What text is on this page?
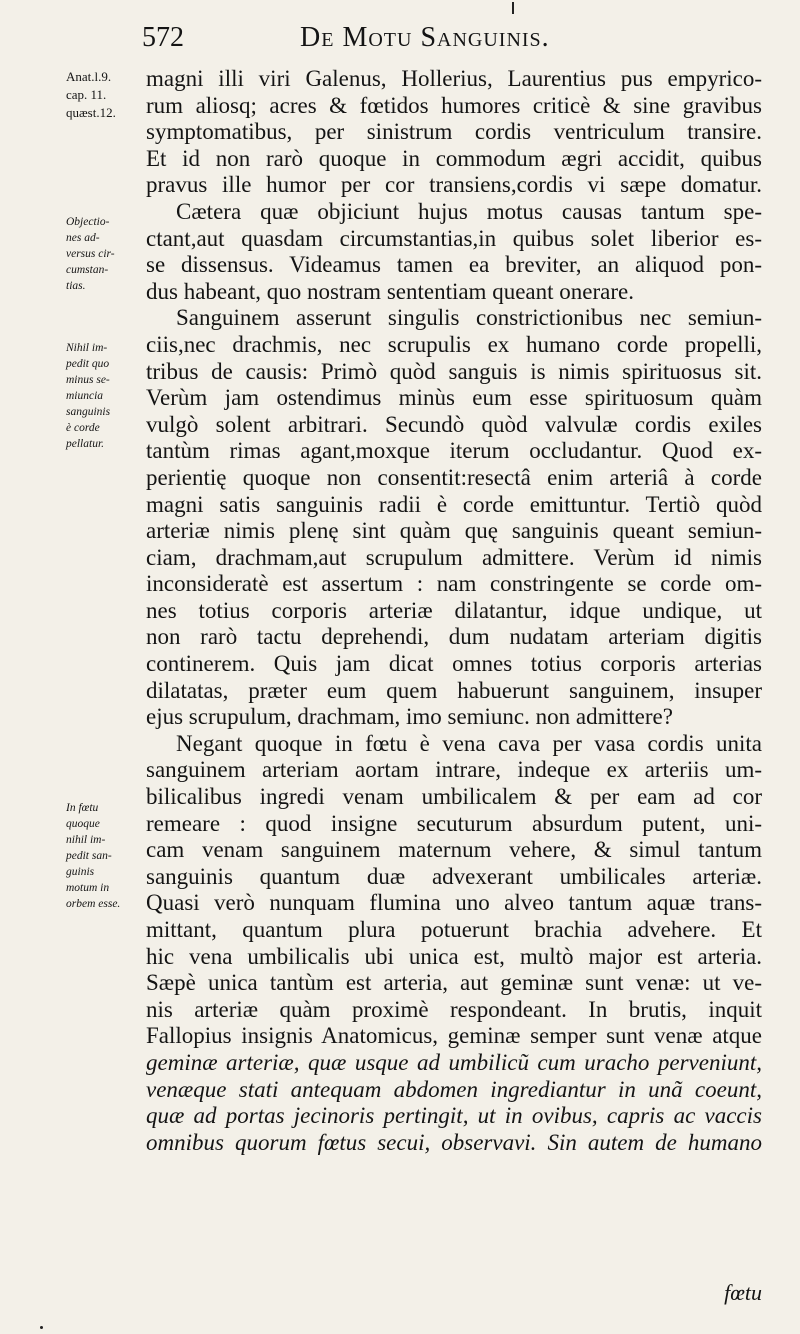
572	De Motu Sanguinis.
Anat.l.9.
cap. 11.
quæst.12.
Objectio-
nes ad-
versus cir-
cumstan-
tias.
Nihil im-
pedit quo
minus se-
miuncia
sanguinis
è corde
pellatur.
In fœtu
quoque
nihil im-
pedit san-
guinis
motum in
orbem esse.
magni illi viri Galenus, Hollerius, Laurentius pus empyrico-
rum aliosq; acres & fœtidos humores criticè & sine gravibus
symptomatibus, per sinistrum cordis ventriculum transire.
Et id non rarò quoque in commodum ægri accidit, quibus
pravus ille humor per cor transiens,cordis vi sæpe domatur.
Cætera quæ objiciunt hujus motus causas tantum spe-
ctant,aut quasdam circumstantias,in quibus solet liberior es-
se dissensus. Videamus tamen ea breviter, an aliquod pon-
dus habeant, quo nostram sententiam queant onerare.
Sanguinem asserunt singulis constrictionibus nec semiun-
ciis,nec drachmis, nec scrupulis ex humano corde propelli,
tribus de causis: Primò quòd sanguis is nimis spirituosus sit.
Verùm jam ostendimus minùs eum esse spirituosum quàm
vulgò solent arbitrari. Secundò quòd valvulæ cordis exiles
tantùm rimas agant,moxque iterum occludantur. Quod ex-
perientię quoque non consentit:resectâ enim arteriâ à corde
magni satis sanguinis radii è corde emittuntur. Tertiò quòd
arteriæ nimis plenę sint quàm quę sanguinis queant semiun-
ciam, drachmam,aut scrupulum admittere. Verùm id nimis
inconsideratè est assertum : nam constringente se corde om-
nes totius corporis arteriæ dilatantur, idque undique, ut
non rarò tactu deprehendi, dum nudatam arteriam digitis
continerem. Quis jam dicat omnes totius corporis arterias
dilatatas, præter eum quem habuerunt sanguinem, insuper
ejus scrupulum, drachmam, imo semiunc. non admittere?
Negant quoque in fœtu è vena cava per vasa cordis unita
sanguinem arteriam aortam intrare, indeque ex arteriis um-
bilicalibus ingredi venam umbilicalem & per eam ad cor
remeare : quod insigne secuturum absurdum putent, uni-
cam venam sanguinem maternum vehere, & simul tantum
sanguinis quantum duæ advexerant umbilicales arteriæ.
Quasi verò nunquam flumina uno alveo tantum aquæ trans-
mittant, quantum plura potuerunt brachia advehere. Et
hic vena umbilicalis ubi unica est, multò major est arteria.
Sæpè unica tantùm est arteria, aut geminæ sunt venæ: ut ve-
nis arteriæ quàm proximè respondeant. In brutis, inquit
Fallopius insignis Anatomicus, geminæ semper sunt venæ atque
geminæ arteriæ, quæ usque ad umbilicũ cum uracho perveniunt,
venæque stati antequam abdomen ingrediantur in unã coeunt,
quæ ad portas jecinoris pertingit, ut in ovibus, capris ac vaccis
omnibus quorum fœtus secui, observavi. Sin autem de humano
fœtu
